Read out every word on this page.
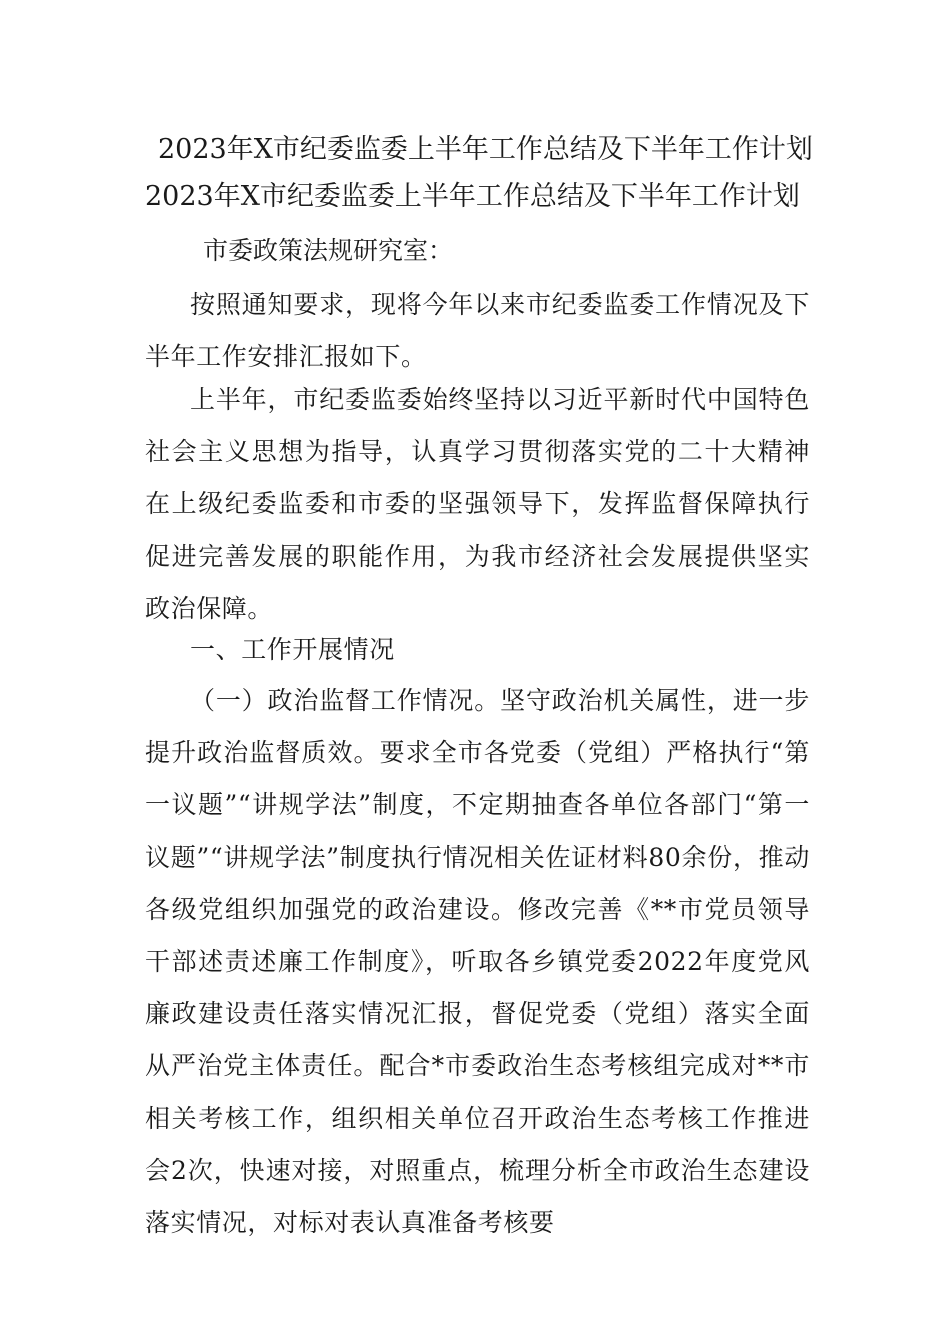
2023年X市纪委监委上半年工作总结及下半年工作计划
2023年X市纪委监委上半年工作总结及下半年工作计划
市委政策法规研究室：
按照通知要求，现将今年以来市纪委监委工作情况及下半年工作安排汇报如下。
上半年，市纪委监委始终坚持以习近平新时代中国特色社会主义思想为指导，认真学习贯彻落实党的二十大精神在上级纪委监委和市委的坚强领导下，发挥监督保障执行促进完善发展的职能作用，为我市经济社会发展提供坚实政治保障。
一、工作开展情况
（一）政治监督工作情况。坚守政治机关属性，进一步提升政治监督质效。要求全市各党委（党组）严格执行“第一议题”“讲规学法”制度，不定期抽查各单位各部门“第一议题”“讲规学法”制度执行情况相关佐证材料80余份，推动各级党组织加强党的政治建设。修改完善《**市党员领导干部述责述廉工作制度》，听取各乡镇党委2022年度党风廉政建设责任落实情况汇报，督促党委（党组）落实全面从严治党主体责任。配合*市委政治生态考核组完成对**市相关考核工作，组织相关单位召开政治生态考核工作推进会2次，快速对接，对照重点，梳理分析全市政治生态建设落实情况，对标对表认真准备考核要
